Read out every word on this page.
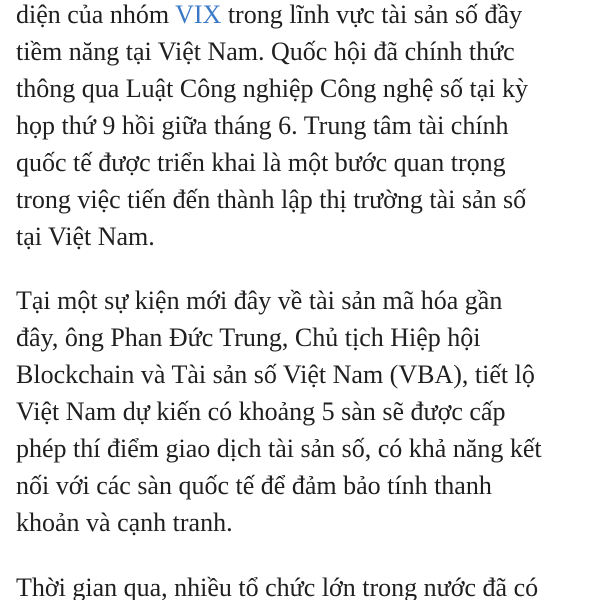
diện của nhóm VIX trong lĩnh vực tài sản số đầy
tiềm năng tại Việt Nam. Quốc hội đã chính thức
thông qua Luật Công nghiệp Công nghệ số tại kỳ
họp thứ 9 hồi giữa tháng 6. Trung tâm tài chính
quốc tế được triển khai là một bước quan trọng
trong việc tiến đến thành lập thị trường tài sản số
tại Việt Nam.
Tại một sự kiện mới đây về tài sản mã hóa gần
đây, ông Phan Đức Trung, Chủ tịch Hiệp hội
Blockchain và Tài sản số Việt Nam (VBA), tiết lộ
Việt Nam dự kiến có khoảng 5 sàn sẽ được cấp
phép thí điểm giao dịch tài sản số, có khả năng kết
nối với các sàn quốc tế để đảm bảo tính thanh
khoản và cạnh tranh.
Thời gian qua, nhiều tổ chức lớn trong nước đã có
